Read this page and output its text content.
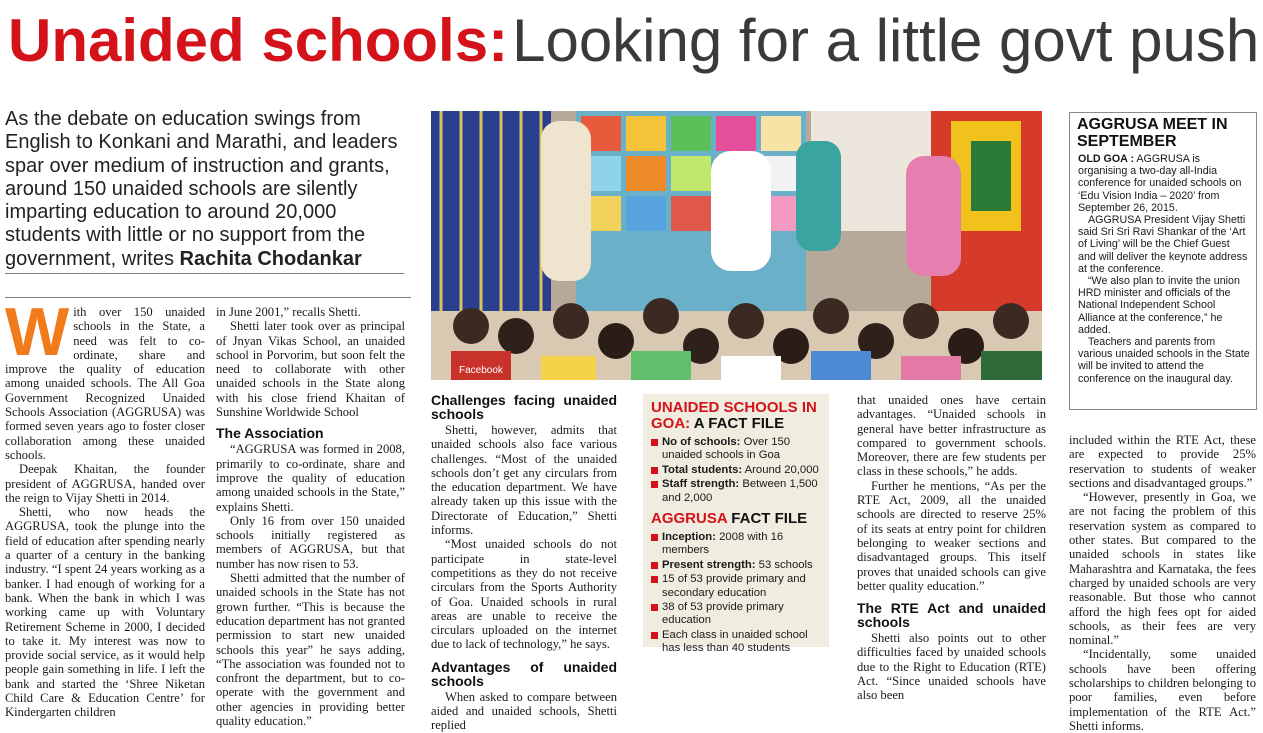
Unaided schools: Looking for a little govt push
As the debate on education swings from English to Konkani and Marathi, and leaders spar over medium of instruction and grants, around 150 unaided schools are silently imparting education to around 20,000 students with little or no support from the government, writes Rachita Chodankar

With over 150 unaided schools in the State, a need was felt to co-ordinate, share and improve the quality of education among unaided schools. The All Goa Government Recognized Unaided Schools Association (AGGRUSA) was formed seven years ago to foster closer collaboration among these unaided schools.

Deepak Khaitan, the founder president of AGGRUSA, handed over the reign to Vijay Shetti in 2014.

Shetti, who now heads the AGGRUSA, took the plunge into the field of education after spending nearly a quarter of a century in the banking industry. “I spent 24 years working as a banker. I had enough of working for a bank. When the bank in which I was working came up with Voluntary Retirement Scheme in 2000, I decided to take it. My interest was now to provide social service, as it would help people gain something in life. I left the bank and started the ‘Shree Niketan Child Care & Education Centre’ for Kindergarten children

in June 2001,” recalls Shetti.

Shetti later took over as principal of Jnyan Vikas School, an unaided school in Porvorim, but soon felt the need to collaborate with other unaided schools in the State along with his close friend Khaitan of Sunshine Worldwide School

The Association

“AGGRUSA was formed in 2008, primarily to co-ordinate, share and improve the quality of education among unaided schools in the State,” explains Shetti.

Only 16 from over 150 unaided schools initially registered as members of AGGRUSA, but that number has now risen to 53.

Shetti admitted that the number of unaided schools in the State has not grown further. “This is because the education department has not granted permission to start new unaided schools this year” he says adding, “The association was founded not to confront the department, but to co-operate with the government and other agencies in providing better quality education.”

Facebook
Challenges facing unaided schools

Shetti, however, admits that unaided schools also face various challenges. “Most of the unaided schools don’t get any circulars from the education department. We have already taken up this issue with the Directorate of Education,” Shetti informs.

“Most unaided schools do not participate in state-level competitions as they do not receive circulars from the Sports Authority of Goa. Unaided schools in rural areas are unable to receive the circulars uploaded on the internet due to lack of technology,” he says.

Advantages of unaided schools

When asked to compare between aided and unaided schools, Shetti replied

UNAIDED SCHOOLS IN GOA: A FACT FILE

No of schools: Over 150 unaided schools in Goa
Total students: Around 20,000
Staff strength: Between 1,500 and 2,000

AGGRUSA FACT FILE

Inception: 2008 with 16 members
Present strength: 53 schools
15 of 53 provide primary and secondary education
38 of 53 provide primary education
Each class in unaided school has less than 40 students

that unaided ones have certain advantages. “Unaided schools in general have better infrastructure as compared to government schools. Moreover, there are few students per class in these schools,” he adds.

Further he mentions, “As per the RTE Act, 2009, all the unaided schools are directed to reserve 25% of its seats at entry point for children belonging to weaker sections and disadvantaged groups. This itself proves that unaided schools can give better quality education.”

The RTE Act and unaided schools

Shetti also points out to other difficulties faced by unaided schools due to the Right to Education (RTE) Act. “Since unaided schools have also been

AGGRUSA MEET IN SEPTEMBER

OLD GOA : AGGRUSA is organising a two-day all-India conference for unaided schools on ‘Edu Vision India – 2020’ from September 26, 2015.

AGGRUSA President Vijay Shetti said Sri Sri Ravi Shankar of the ‘Art of Living’ will be the Chief Guest and will deliver the keynote address at the conference.

“We also plan to invite the union HRD minister and officials of the National Independent School Alliance at the conference,” he added.

Teachers and parents from various unaided schools in the State will be invited to attend the conference on the inaugural day.

included within the RTE Act, these are expected to provide 25% reservation to students of weaker sections and disadvantaged groups.”

“However, presently in Goa, we are not facing the problem of this reservation system as compared to other states. But compared to the unaided schools in states like Maharashtra and Karnataka, the fees charged by unaided schools are very reasonable. But those who cannot afford the high fees opt for aided schools, as their fees are very nominal.”

“Incidentally, some unaided schools have been offering scholarships to children belonging to poor families, even before implementation of the RTE Act.” Shetti informs.
